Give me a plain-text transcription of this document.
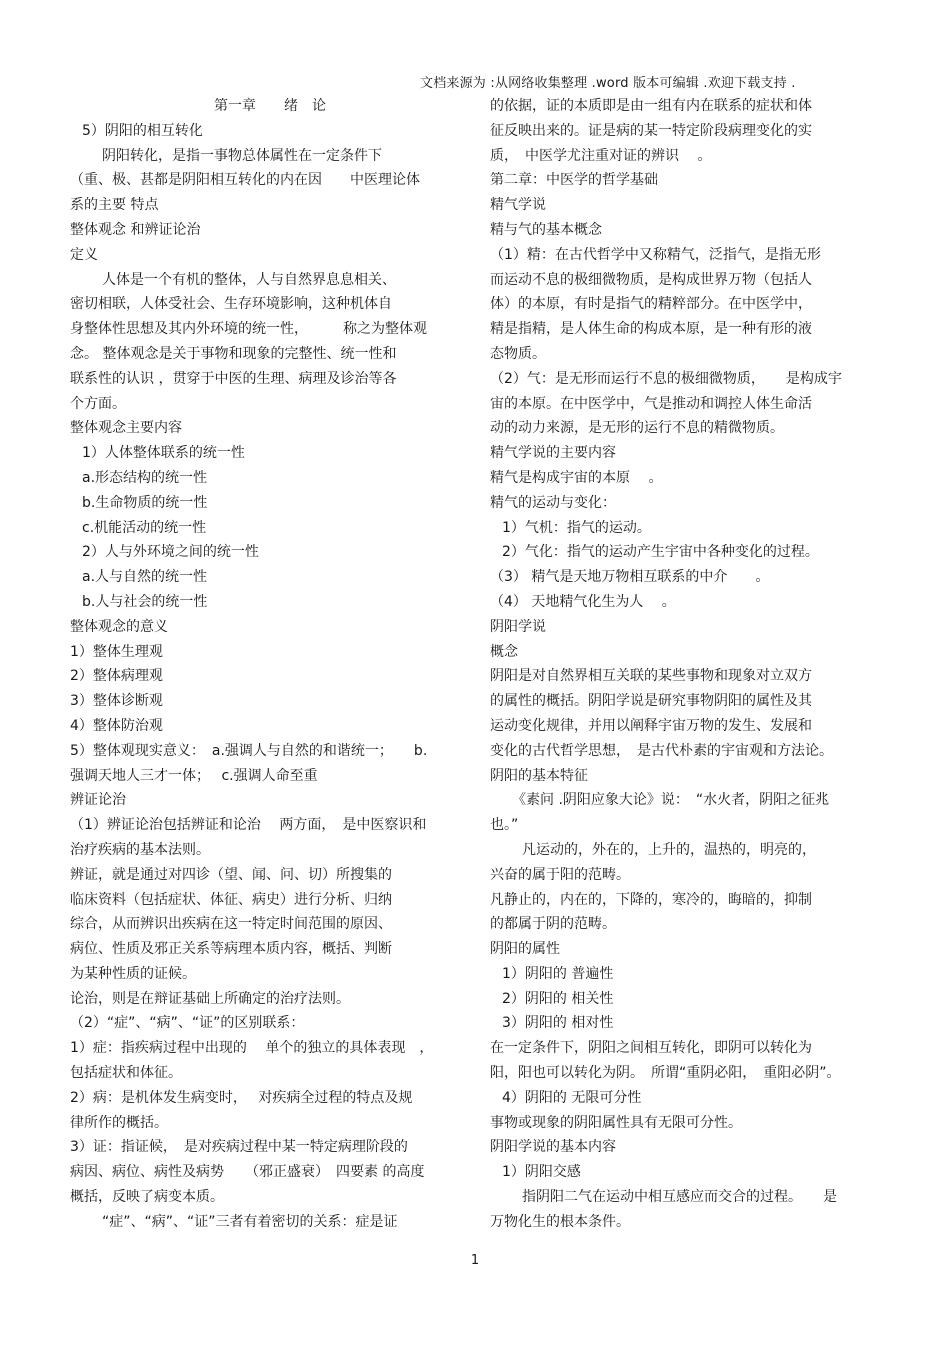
文档来源为 :从网络收集整理 .word 版本可编辑 .欢迎下载支持 .
第一章　　绪　论
5）阴阳的相互转化
阴阳转化，是指一事物总体属性在一定条件下
（重、极、甚都是阴阳相互转化的内在因　　中医理论体
系的主要 特点
整体观念 和辨证论治
定义
人体是一个有机的整体，人与自然界息息相关、
密切相联，人体受社会、生存环境影响，这种机体自
身整体性思想及其内外环境的统一性，　　　称之为整体观
念。 整体观念是关于事物和现象的完整性、统一性和
联系性的认识 ，贯穿于中医的生理、病理及诊治等各
个方面。
整体观念主要内容
1）人体整体联系的统一性
a.形态结构的统一性
b.生命物质的统一性
c.机能活动的统一性
2）人与外环境之间的统一性
a.人与自然的统一性
b.人与社会的统一性
整体观念的意义
1）整体生理观
2）整体病理观
3）整体诊断观
4）整体防治观
5）整体观现实意义：　a.强调人与自然的和谐统一；　　b.
强调天地人三才一体；　 c.强调人命至重
辨证论治
（1）辨证论治包括辨证和论治　 两方面，　是中医察识和
治疗疾病的基本法则。
辨证，就是通过对四诊（望、闻、问、切）所搜集的
临床资料（包括症状、体征、病史）进行分析、归纳
综合，从而辨识出疾病在这一特定时间范围的原因、
病位、性质及邪正关系等病理本质内容，概括、判断
为某种性质的证候。
论治，则是在辩证基础上所确定的治疗法则。
（2）“症”、“病”、“证”的区别联系：
1）症：指疾病过程中出现的　 单个的独立的具体表现　，
包括症状和体征。
2）病：是机体发生病变时，　 对疾病全过程的特点及规
律所作的概括。
3）证：指证候，　是对疾病过程中某一特定病理阶段的
病因、病位、病性及病势　　（邪正盛衰）　四要素 的高度
概括，反映了病变本质。
“症”、“病”、“证”三者有着密切的关系：症是证
的依据，证的本质即是由一组有内在联系的症状和体
征反映出来的。证是病的某一特定阶段病理变化的实
质，　中医学尤注重对证的辨识　 。
第二章：中医学的哲学基础
精气学说
精与气的基本概念
（1）精：在古代哲学中又称精气，泛指气，是指无形
而运动不息的极细微物质，是构成世界万物（包括人
体）的本原，有时是指气的精粹部分。在中医学中，
精是指精，是人体生命的构成本原，是一种有形的液
态物质。
（2）气：是无形而运行不息的极细微物质，　　是构成宇
宙的本原。在中医学中，气是推动和调控人体生命活
动的动力来源，是无形的运行不息的精微物质。
精气学说的主要内容
精气是构成宇宙的本原　 。
精气的运动与变化：
1）气机：指气的运动。
2）气化：指气的运动产生宇宙中各种变化的过程。
（3） 精气是天地万物相互联系的中介　　。
（4） 天地精气化生为人　 。
阴阳学说
概念
阴阳是对自然界相互关联的某些事物和现象对立双方
的属性的概括。阴阳学说是研究事物阴阳的属性及其
运动变化规律，并用以阐释宇宙万物的发生、发展和
变化的古代哲学思想，　是古代朴素的宇宙观和方法论。
阴阳的基本特征
《素问 .阴阳应象大论》说：　“水火者，阴阳之征兆
也。”
凡运动的，外在的，上升的，温热的，明亮的，
兴奋的属于阳的范畴。
凡静止的，内在的，下降的，寒冷的，晦暗的，抑制
的都属于阴的范畴。
阴阳的属性
1）阴阳的 普遍性
2）阴阳的 相关性
3）阴阳的 相对性
在一定条件下，阴阳之间相互转化，即阴可以转化为
阳，阳也可以转化为阴。　所谓“重阴必阳，　重阳必阴”。
4）阴阳的 无限可分性
事物或现象的阴阳属性具有无限可分性。
阴阳学说的基本内容
1）阴阳交感
指阴阳二气在运动中相互感应而交合的过程。　　是
万物化生的根本条件。
1
